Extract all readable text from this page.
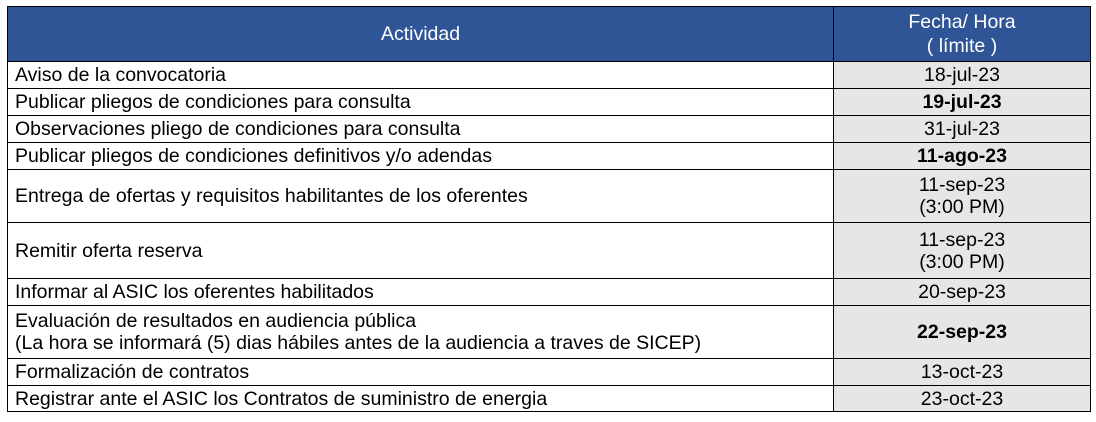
Actividad	Fecha/ Hora
( límite )

Aviso de la convocatoria	18-jul-23

Publicar pliegos de condiciones para consulta	19-jul-23

Observaciones pliego de condiciones para consulta	31-jul-23

Publicar pliegos de condiciones definitivos y/o adendas	11-ago-23

Entrega de ofertas y requisitos habilitantes de los oferentes	11-sep-23
(3:00 PM)

Remitir oferta reserva	11-sep-23
(3:00 PM)

Informar al ASIC los oferentes habilitados	20-sep-23

Evaluación de resultados en audiencia pública
(La hora se informará (5) dias hábiles antes de la audiencia a traves de SICEP)	22-sep-23

Formalización de contratos	13-oct-23

Registrar ante el ASIC los Contratos de suministro de energia	23-oct-23
